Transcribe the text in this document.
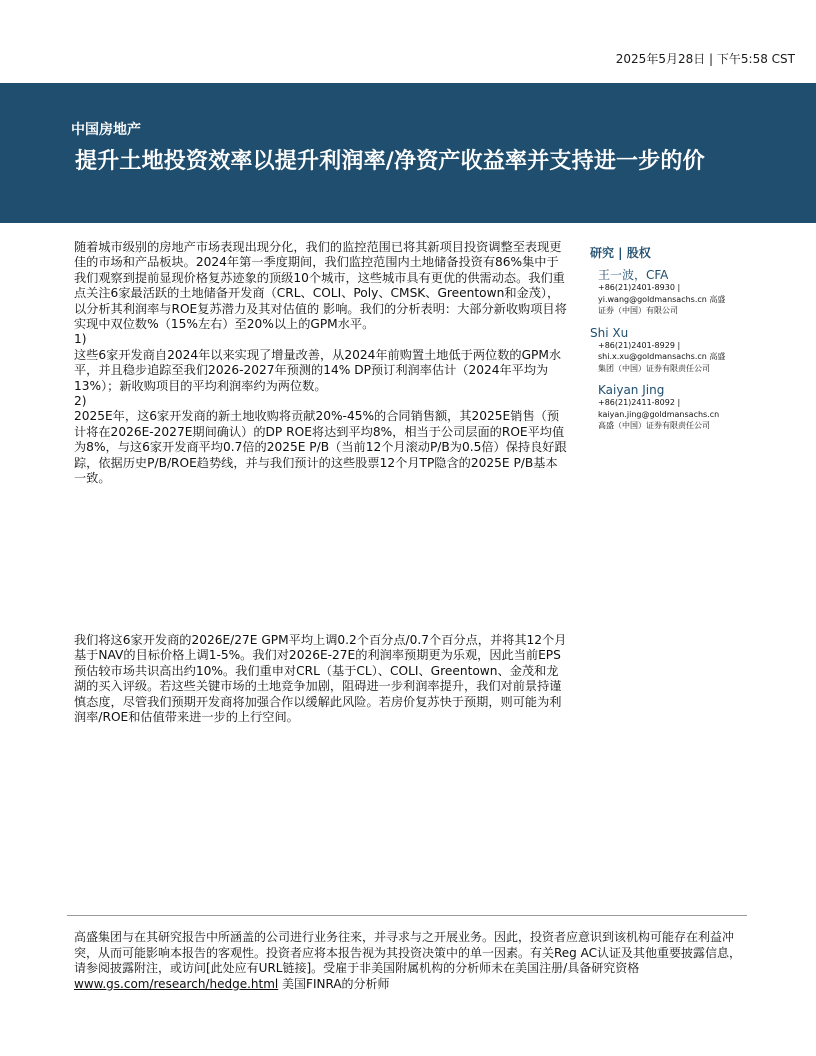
2025年5月28日 | 下午5:58 CST
中国房地产
提升土地投资效率以提升利润率/净资产收益率并支持进一步的价

随着城市级别的房地产市场表现出现分化，我们的监控范围已将其新项目投资调整至表现更佳的市场和产品板块。2024年第一季度期间，我们监控范围内土地储备投资有86%集中于我们观察到提前显现价格复苏迹象的顶级10个城市，这些城市具有更优的供需动态。我们重点关注6家最活跃的土地储备开发商（CRL、COLI、Poly、CMSK、Greentown和金茂），以分析其利润率与ROE复苏潜力及其对估值的 影响。我们的分析表明：大部分新收购项目将实现中双位数%（15%左右）至20%以上的GPM水平。

1)

这些6家开发商自2024年以来实现了增量改善，从2024年前购置土地低于两位数的GPM水平，并且稳步追踪至我们2026-2027年预测的14% DP预订利润率估计（2024年平均为13%）；新收购项目的平均利润率约为两位数。

2)

2025E年，这6家开发商的新土地收购将贡献20%-45%的合同销售额，其2025E销售（预计将在2026E-2027E期间确认）的DP ROE将达到平均8%，相当于公司层面的ROE平均值为8%，与这6家开发商平均0.7倍的2025E P/B（当前12个月滚动P/B为0.5倍）保持良好跟踪，依据历史P/B/ROE趋势线，并与我们预计的这些股票12个月TP隐含的2025E P/B基本一致。

我们将这6家开发商的2026E/27E GPM平均上调0.2个百分点/0.7个百分点，并将其12个月基于NAV的目标价格上调1-5%。我们对2026E-27E的利润率预期更为乐观，因此当前EPS预估较市场共识高出约10%。我们重申对CRL（基于CL）、COLI、Greentown、金茂和龙湖的买入评级。若这些关键市场的土地竞争加剧，阻碍进一步利润率提升，我们对前景持谨慎态度，尽管我们预期开发商将加强合作以缓解此风险。若房价复苏快于预期，则可能为利润率/ROE和估值带来进一步的上行空间。

研究 | 股权
王一波，CFA
+86(21)2401-8930 |
yi.wang@goldmansachs.cn 高盛
证券（中国）有限公司
Shi Xu
+86(21)2401-8929 |
shi.x.xu@goldmansachs.cn 高盛
集团（中国）证券有限责任公司
Kaiyan Jing
+86(21)2411-8092 |
kaiyan.jing@goldmansachs.cn
高盛（中国）证券有限责任公司

高盛集团与在其研究报告中所涵盖的公司进行业务往来，并寻求与之开展业务。因此，投资者应意识到该机构可能存在利益冲突，从而可能影响本报告的客观性。投资者应将本报告视为其投资决策中的单一因素。有关Reg AC认证及其他重要披露信息，请参阅披露附注，或访问[此处应有URL链接]。受雇于非美国附属机构的分析师未在美国注册/具备研究资格
www.gs.com/research/hedge.html 美国FINRA的分析师
